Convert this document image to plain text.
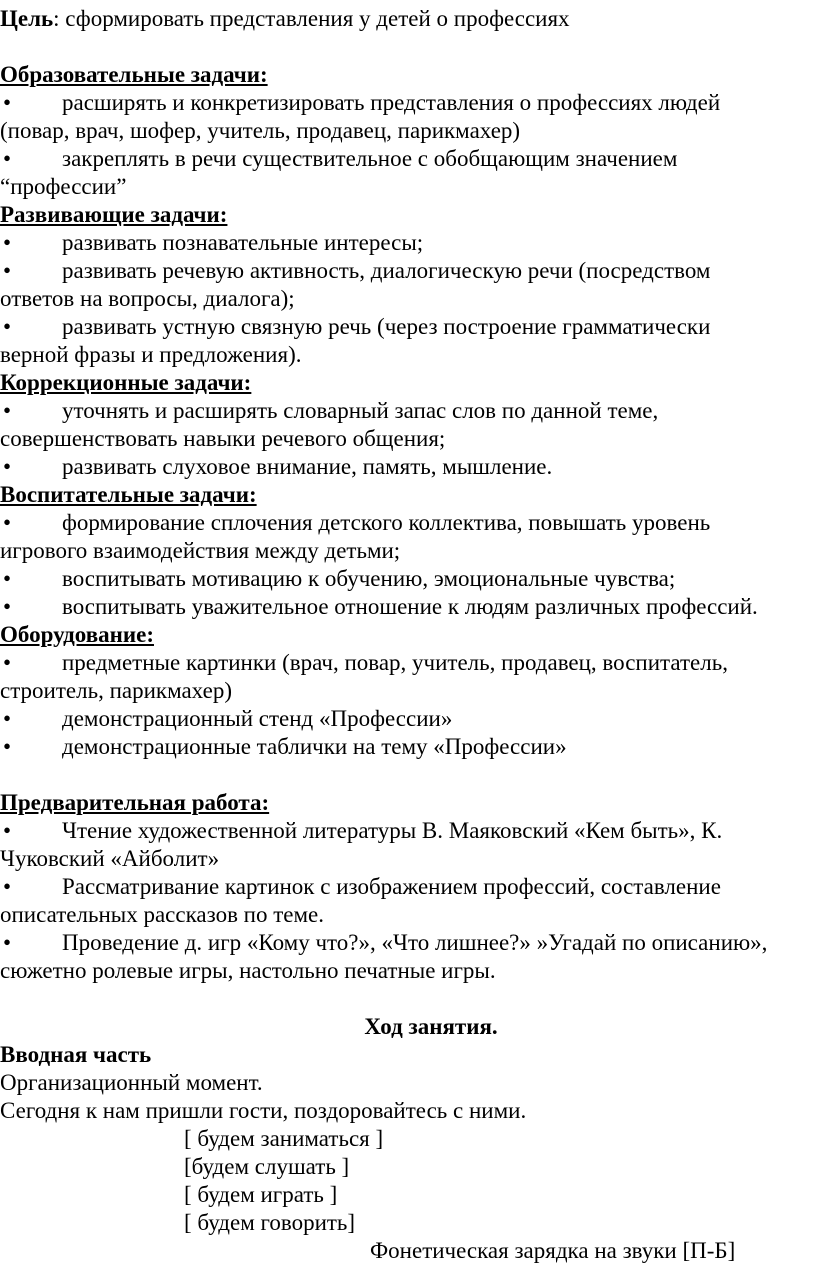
Цель: сформировать представления у детей о профессиях
Образовательные задачи:
• расширять и конкретизировать представления о профессиях людей
(повар, врач, шофер, учитель, продавец, парикмахер)
• закреплять в речи существительное с обобщающим значением
“профессии”
Развивающие задачи:
• развивать познавательные интересы;
• развивать речевую активность, диалогическую речи (посредством
ответов на вопросы, диалога);
• развивать устную связную речь (через построение грамматически
верной фразы и предложения).
Коррекционные задачи:
• уточнять и расширять словарный запас слов по данной теме,
совершенствовать навыки речевого общения;
• развивать слуховое внимание, память, мышление.
Воспитательные задачи:
• формирование сплочения детского коллектива, повышать уровень
игрового взаимодействия между детьми;
• воспитывать мотивацию к обучению, эмоциональные чувства;
• воспитывать уважительное отношение к людям различных профессий.
Оборудование:
• предметные картинки (врач, повар, учитель, продавец, воспитатель,
строитель, парикмахер)
• демонстрационный стенд «Профессии»
• демонстрационные таблички на тему «Профессии»
Предварительная работа:
• Чтение художественной литературы В. Маяковский «Кем быть», К.
Чуковский «Айболит»
• Рассматривание картинок с изображением профессий, составление
описательных рассказов по теме.
• Проведение д. игр «Кому что?», «Что лишнее?» »Угадай по описанию»,
сюжетно ролевые игры, настольно печатные игры.
Ход занятия.
Вводная часть
Организационный момент.
Сегодня к нам пришли гости, поздоровайтесь с ними.
[ будем заниматься ]
[будем слушать ]
[ будем играть ]
[ будем говорить]
Фонетическая зарядка на звуки [П-Б]
